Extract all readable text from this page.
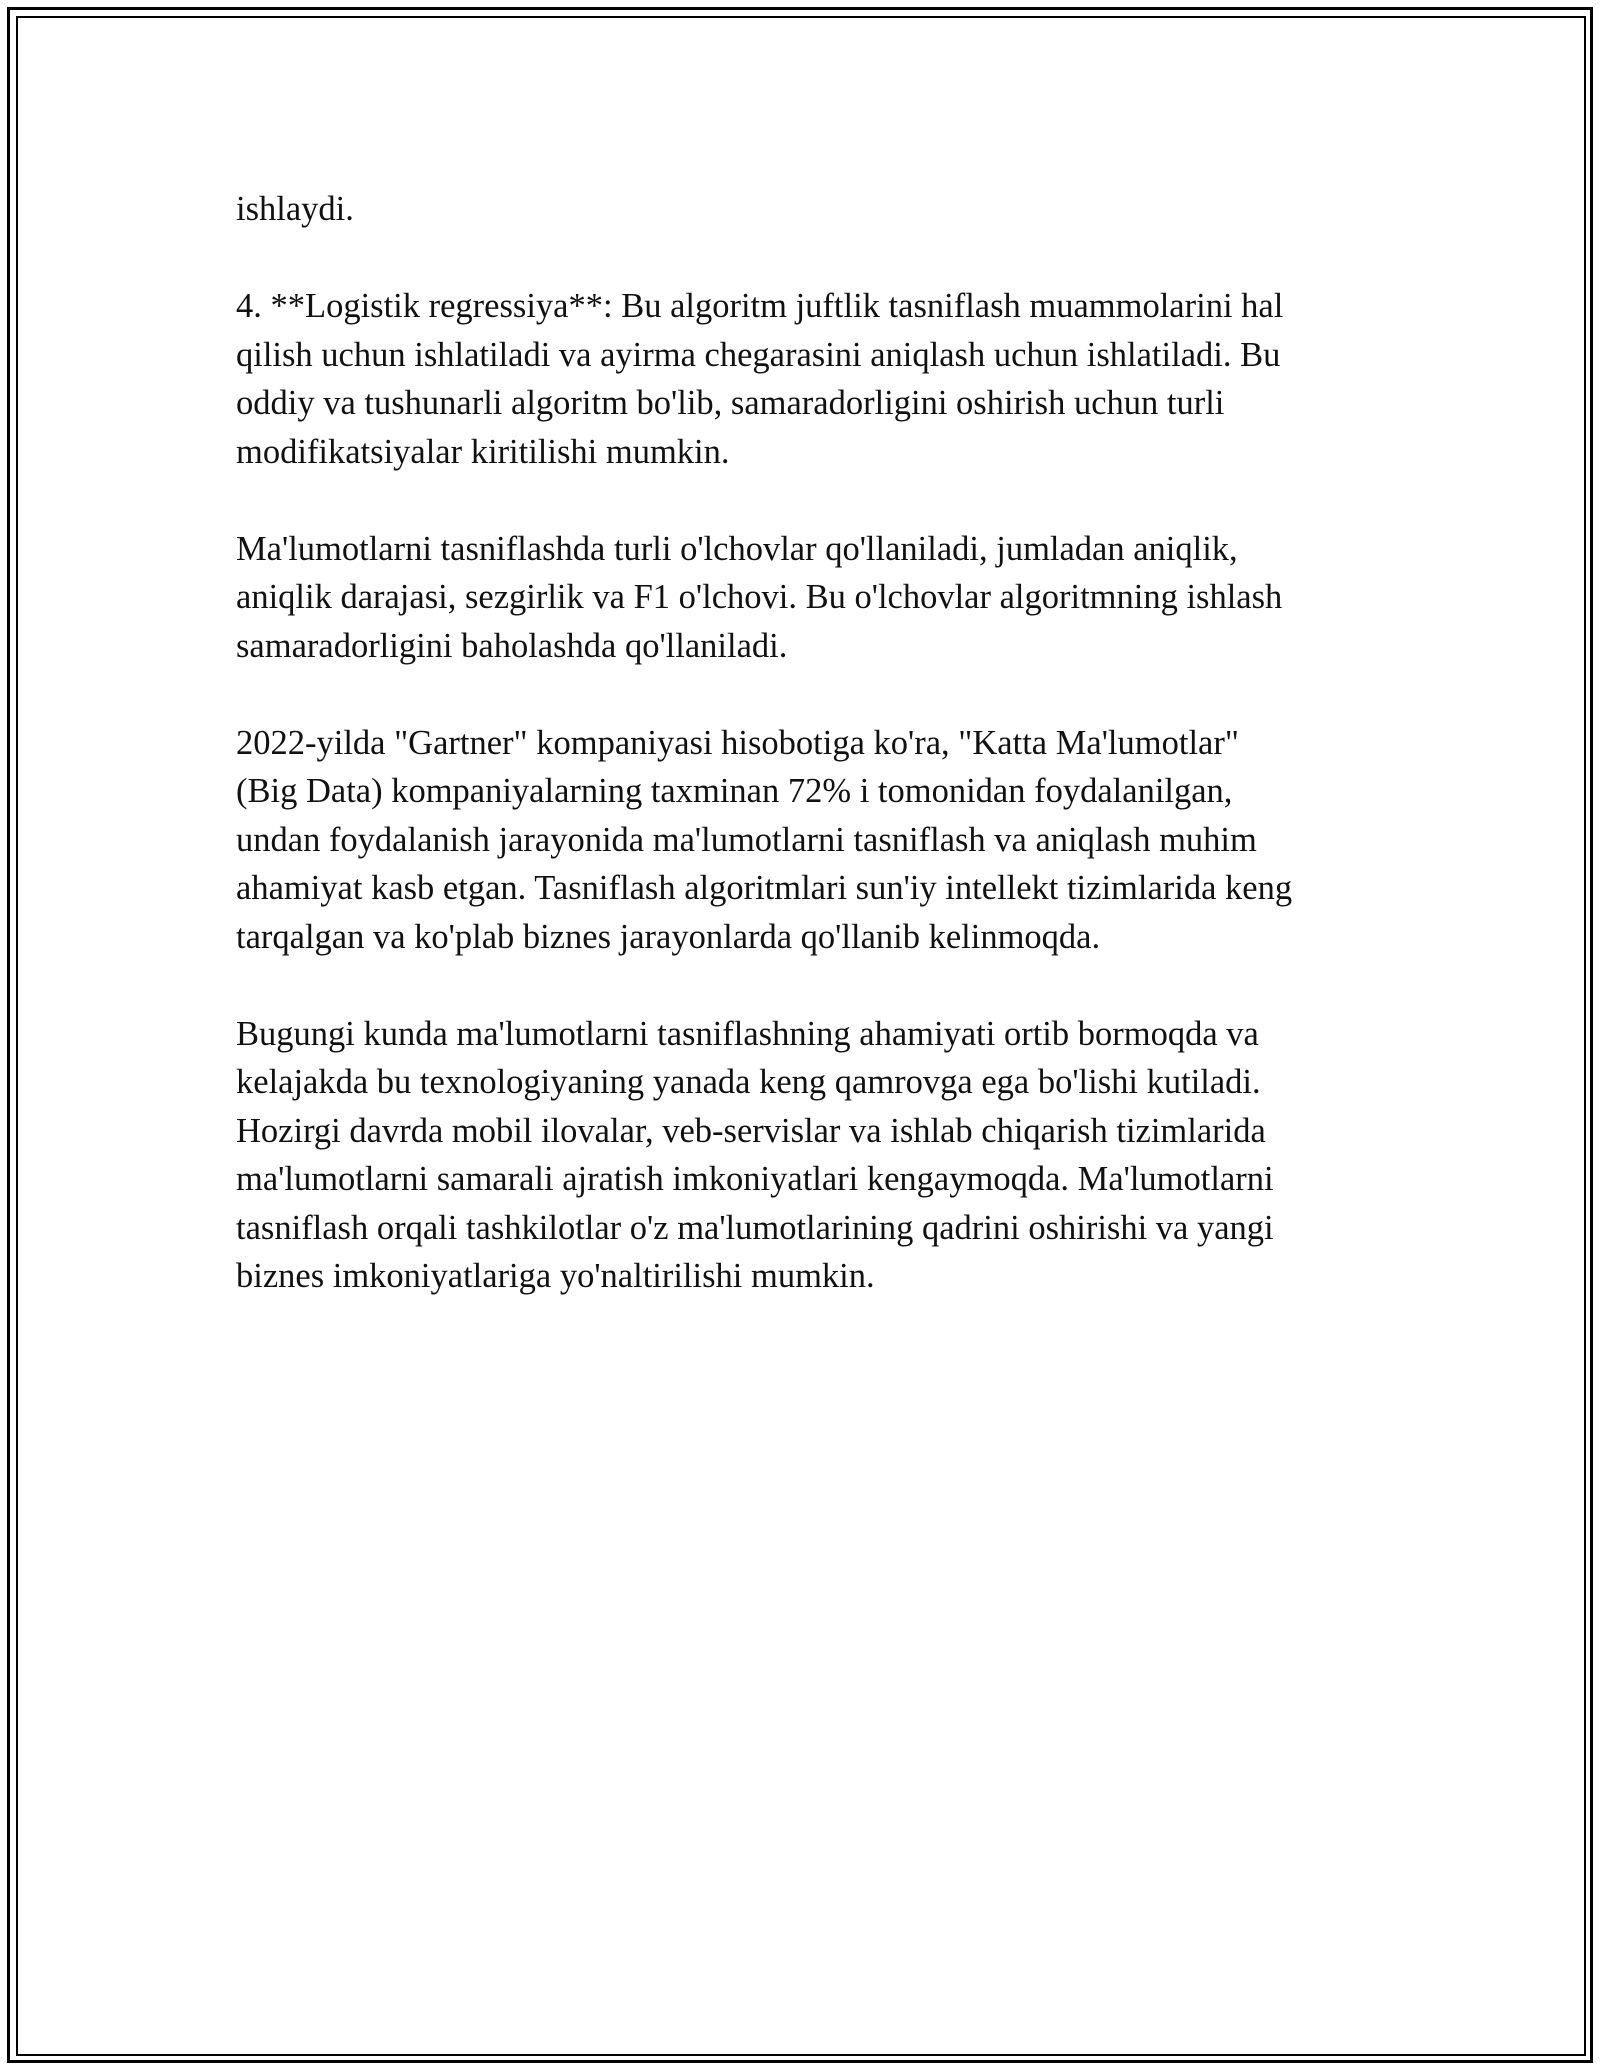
ishlaydi.

4. **Logistik regressiya**: Bu algoritm juftlik tasniflash muammolarini hal
qilish uchun ishlatiladi va ayirma chegarasini aniqlash uchun ishlatiladi. Bu
oddiy va tushunarli algoritm bo'lib, samaradorligini oshirish uchun turli
modifikatsiyalar kiritilishi mumkin.

Ma'lumotlarni tasniflashda turli o'lchovlar qo'llaniladi, jumladan aniqlik,
aniqlik darajasi, sezgirlik va F1 o'lchovi. Bu o'lchovlar algoritmning ishlash
samaradorligini baholashda qo'llaniladi.

2022-yilda "Gartner" kompaniyasi hisobotiga ko'ra, "Katta Ma'lumotlar"
(Big Data) kompaniyalarning taxminan 72% i tomonidan foydalanilgan,
undan foydalanish jarayonida ma'lumotlarni tasniflash va aniqlash muhim
ahamiyat kasb etgan. Tasniflash algoritmlari sun'iy intellekt tizimlarida keng
tarqalgan va ko'plab biznes jarayonlarda qo'llanib kelinmoqda.

Bugungi kunda ma'lumotlarni tasniflashning ahamiyati ortib bormoqda va
kelajakda bu texnologiyaning yanada keng qamrovga ega bo'lishi kutiladi.
Hozirgi davrda mobil ilovalar, veb-servislar va ishlab chiqarish tizimlarida
ma'lumotlarni samarali ajratish imkoniyatlari kengaymoqda. Ma'lumotlarni
tasniflash orqali tashkilotlar o'z ma'lumotlarining qadrini oshirishi va yangi
biznes imkoniyatlariga yo'naltirilishi mumkin.
